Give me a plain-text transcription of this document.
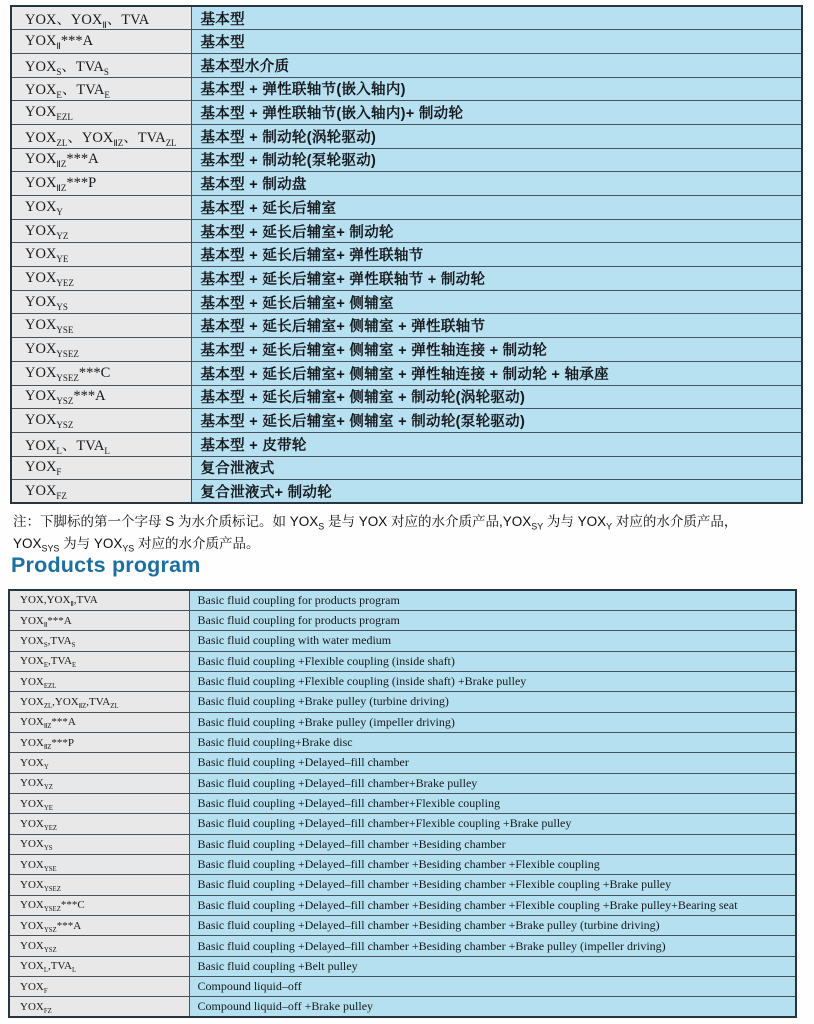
YOX、$YOX_Ⅱ$、TVA	基本型
$YOX_Ⅱ***A$	基本型
$YOX_S$、$TVA_S$	基本型水介质
$YOX_E$、$TVA_E$	基本型 + 弹性联轴节(嵌入轴内)
$YOX_{EZL}$	基本型 + 弹性联轴节(嵌入轴内)+ 制动轮
$YOX_{ZL}$、$YOX_{ⅡZ}$、$TVA_{ZL}$	基本型 + 制动轮(涡轮驱动)
$YOX_{ⅡZ}***A$	基本型 + 制动轮(泵轮驱动)
$YOX_{ⅡZ}***P$	基本型 + 制动盘
$YOX_Y$	基本型 + 延长后辅室
$YOX_{YZ}$	基本型 + 延长后辅室+ 制动轮
$YOX_{YE}$	基本型 + 延长后辅室+ 弹性联轴节
$YOX_{YEZ}$	基本型 + 延长后辅室+ 弹性联轴节 + 制动轮
$YOX_{YS}$	基本型 + 延长后辅室+ 侧辅室
$YOX_{YSE}$	基本型 + 延长后辅室+ 侧辅室 + 弹性联轴节
$YOX_{YSEZ}$	基本型 + 延长后辅室+ 侧辅室 + 弹性轴连接 + 制动轮
$YOX_{YSEZ}***C$	基本型 + 延长后辅室+ 侧辅室 + 弹性轴连接 + 制动轮 + 轴承座
$YOX_{YSZ}***A$	基本型 + 延长后辅室+ 侧辅室 + 制动轮(涡轮驱动)
$YOX_{YSZ}$	基本型 + 延长后辅室+ 侧辅室 + 制动轮(泵轮驱动)
$YOX_L$、$TVA_L$	基本型 + 皮带轮
$YOX_F$	复合泄液式
$YOX_{FZ}$	复合泄液式+ 制动轮
注：下脚标的第一个字母 S 为水介质标记。如 $YOX_S$ 是与 YOX 对应的水介质产品$,YOX_{SY}$ 为与 $YOX_Y$ 对应的水介质产品，
$YOX_{SYS}$ 为与 $YOX_{YS}$ 对应的水介质产品。
Products program
$YOX,YOX_Ⅱ,TVA$	Basic fluid coupling for products program
$YOX_Ⅱ***A$	Basic fluid coupling for products program
$YOX_S,TVA_S$	Basic fluid coupling with water medium
$YOX_E,TVA_E$	Basic fluid coupling +Flexible coupling (inside shaft)
$YOX_{EZL}$	Basic fluid coupling +Flexible coupling (inside shaft) +Brake pulley
$YOX_{ZL},YOX_{ⅡZ},TVA_{ZL}$	Basic fluid coupling +Brake pulley (turbine driving)
$YOX_{ⅡZ}***A$	Basic fluid coupling +Brake pulley (impeller driving)
$YOX_{ⅡZ}***P$	Basic fluid coupling+Brake disc
$YOX_Y$	Basic fluid coupling +Delayed–fill chamber
$YOX_{YZ}$	Basic fluid coupling +Delayed–fill chamber+Brake pulley
$YOX_{YE}$	Basic fluid coupling +Delayed–fill chamber+Flexible coupling
$YOX_{YEZ}$	Basic fluid coupling +Delayed–fill chamber+Flexible coupling +Brake pulley
$YOX_{YS}$	Basic fluid coupling +Delayed–fill chamber +Besiding chamber
$YOX_{YSE}$	Basic fluid coupling +Delayed–fill chamber +Besiding chamber +Flexible coupling
$YOX_{YSEZ}$	Basic fluid coupling +Delayed–fill chamber +Besiding chamber +Flexible coupling +Brake pulley
$YOX_{YSEZ}***C$	Basic fluid coupling +Delayed–fill chamber +Besiding chamber +Flexible coupling +Brake pulley+Bearing seat
$YOX_{YSZ}***A$	Basic fluid coupling +Delayed–fill chamber +Besiding chamber +Brake pulley (turbine driving)
$YOX_{YSZ}$	Basic fluid coupling +Delayed–fill chamber +Besiding chamber +Brake pulley (impeller driving)
$YOX_L,TVA_L$	Basic fluid coupling +Belt pulley
$YOX_F$	Compound liquid–off
$YOX_{FZ}$	Compound liquid–off +Brake pulley
